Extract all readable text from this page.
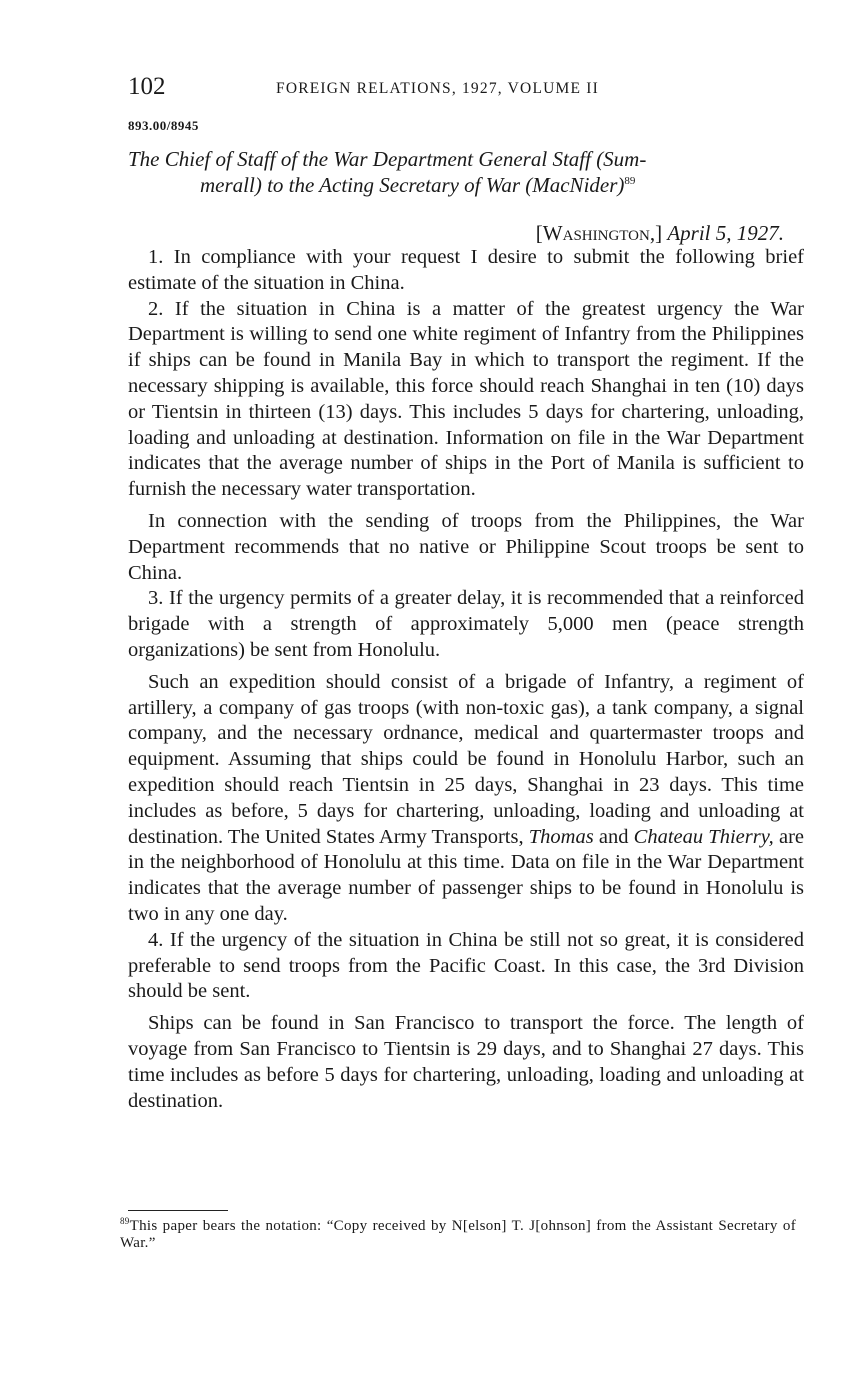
102	FOREIGN RELATIONS, 1927, VOLUME II
893.00/8945
The Chief of Staff of the War Department General Staff (Sum-
merall) to the Acting Secretary of War (MacNider)$^{89}$
[Washington,] April 5, 1927.

1. In compliance with your request I desire to submit the following brief estimate of the situation in China.

2. If the situation in China is a matter of the greatest urgency the War Department is willing to send one white regiment of Infantry from the Philippines if ships can be found in Manila Bay in which to transport the regiment. If the necessary shipping is available, this force should reach Shanghai in ten (10) days or Tientsin in thirteen (13) days. This includes 5 days for chartering, unloading, loading and unloading at destination. Information on file in the War Department indicates that the average number of ships in the Port of Manila is sufficient to furnish the necessary water transportation.

In connection with the sending of troops from the Philippines, the War Department recommends that no native or Philippine Scout troops be sent to China.

3. If the urgency permits of a greater delay, it is recommended that a reinforced brigade with a strength of approximately 5,000 men (peace strength organizations) be sent from Honolulu.

Such an expedition should consist of a brigade of Infantry, a regiment of artillery, a company of gas troops (with non-toxic gas), a tank company, a signal company, and the necessary ordnance, medical and quartermaster troops and equipment. Assuming that ships could be found in Honolulu Harbor, such an expedition should reach Tientsin in 25 days, Shanghai in 23 days. This time includes as before, 5 days for chartering, unloading, loading and unloading at destination. The United States Army Transports, Thomas and Chateau Thierry, are in the neighborhood of Honolulu at this time. Data on file in the War Department indicates that the average number of passenger ships to be found in Honolulu is two in any one day.

4. If the urgency of the situation in China be still not so great, it is considered preferable to send troops from the Pacific Coast. In this case, the 3rd Division should be sent.

Ships can be found in San Francisco to transport the force. The length of voyage from San Francisco to Tientsin is 29 days, and to Shanghai 27 days. This time includes as before 5 days for chartering, unloading, loading and unloading at destination.

$^{89}$This paper bears the notation: “Copy received by N[elson] T. J[ohnson] from the Assistant Secretary of War.”
